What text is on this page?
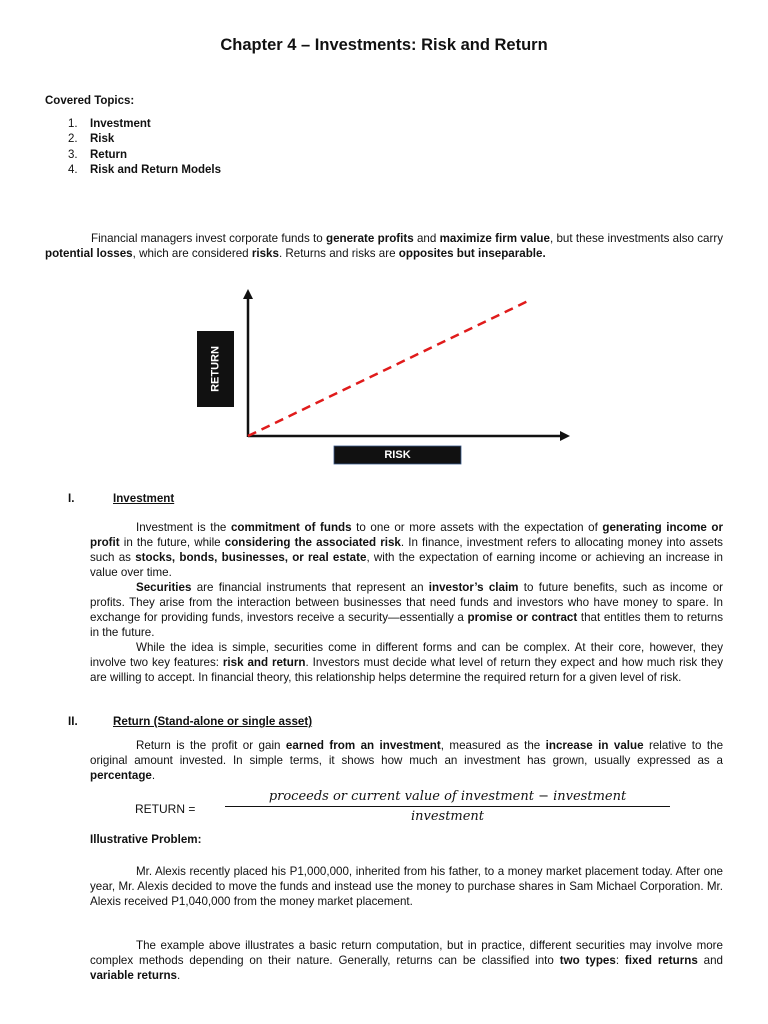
Chapter 4 – Investments: Risk and Return
Covered Topics:
1. Investment
2. Risk
3. Return
4. Risk and Return Models

Financial managers invest corporate funds to generate profits and maximize firm value, but these investments also carry potential losses, which are considered risks. Returns and risks are opposites but inseparable.

RETURN
RISK
I.	Investment

Investment is the commitment of funds to one or more assets with the expectation of generating income or profit in the future, while considering the associated risk. In finance, investment refers to allocating money into assets such as stocks, bonds, businesses, or real estate, with the expectation of earning income or achieving an increase in value over time.

Securities are financial instruments that represent an investor’s claim to future benefits, such as income or profits. They arise from the interaction between businesses that need funds and investors who have money to spare. In exchange for providing funds, investors receive a security—essentially a promise or contract that entitles them to returns in the future.

While the idea is simple, securities come in different forms and can be complex. At their core, however, they involve two key features: risk and return. Investors must decide what level of return they expect and how much risk they are willing to accept. In financial theory, this relationship helps determine the required return for a given level of risk.

II.	Return (Stand-alone or single asset)

Return is the profit or gain earned from an investment, measured as the increase in value relative to the original amount invested. In simple terms, it shows how much an investment has grown, usually expressed as a percentage.

RETURN =
proceeds or current value of investment − investment
investment
Illustrative Problem:

Mr. Alexis recently placed his P1,000,000, inherited from his father, to a money market placement today. After one year, Mr. Alexis decided to move the funds and instead use the money to purchase shares in Sam Michael Corporation. Mr. Alexis received P1,040,000 from the money market placement.

The example above illustrates a basic return computation, but in practice, different securities may involve more complex methods depending on their nature. Generally, returns can be classified into two types: fixed returns and variable returns.
